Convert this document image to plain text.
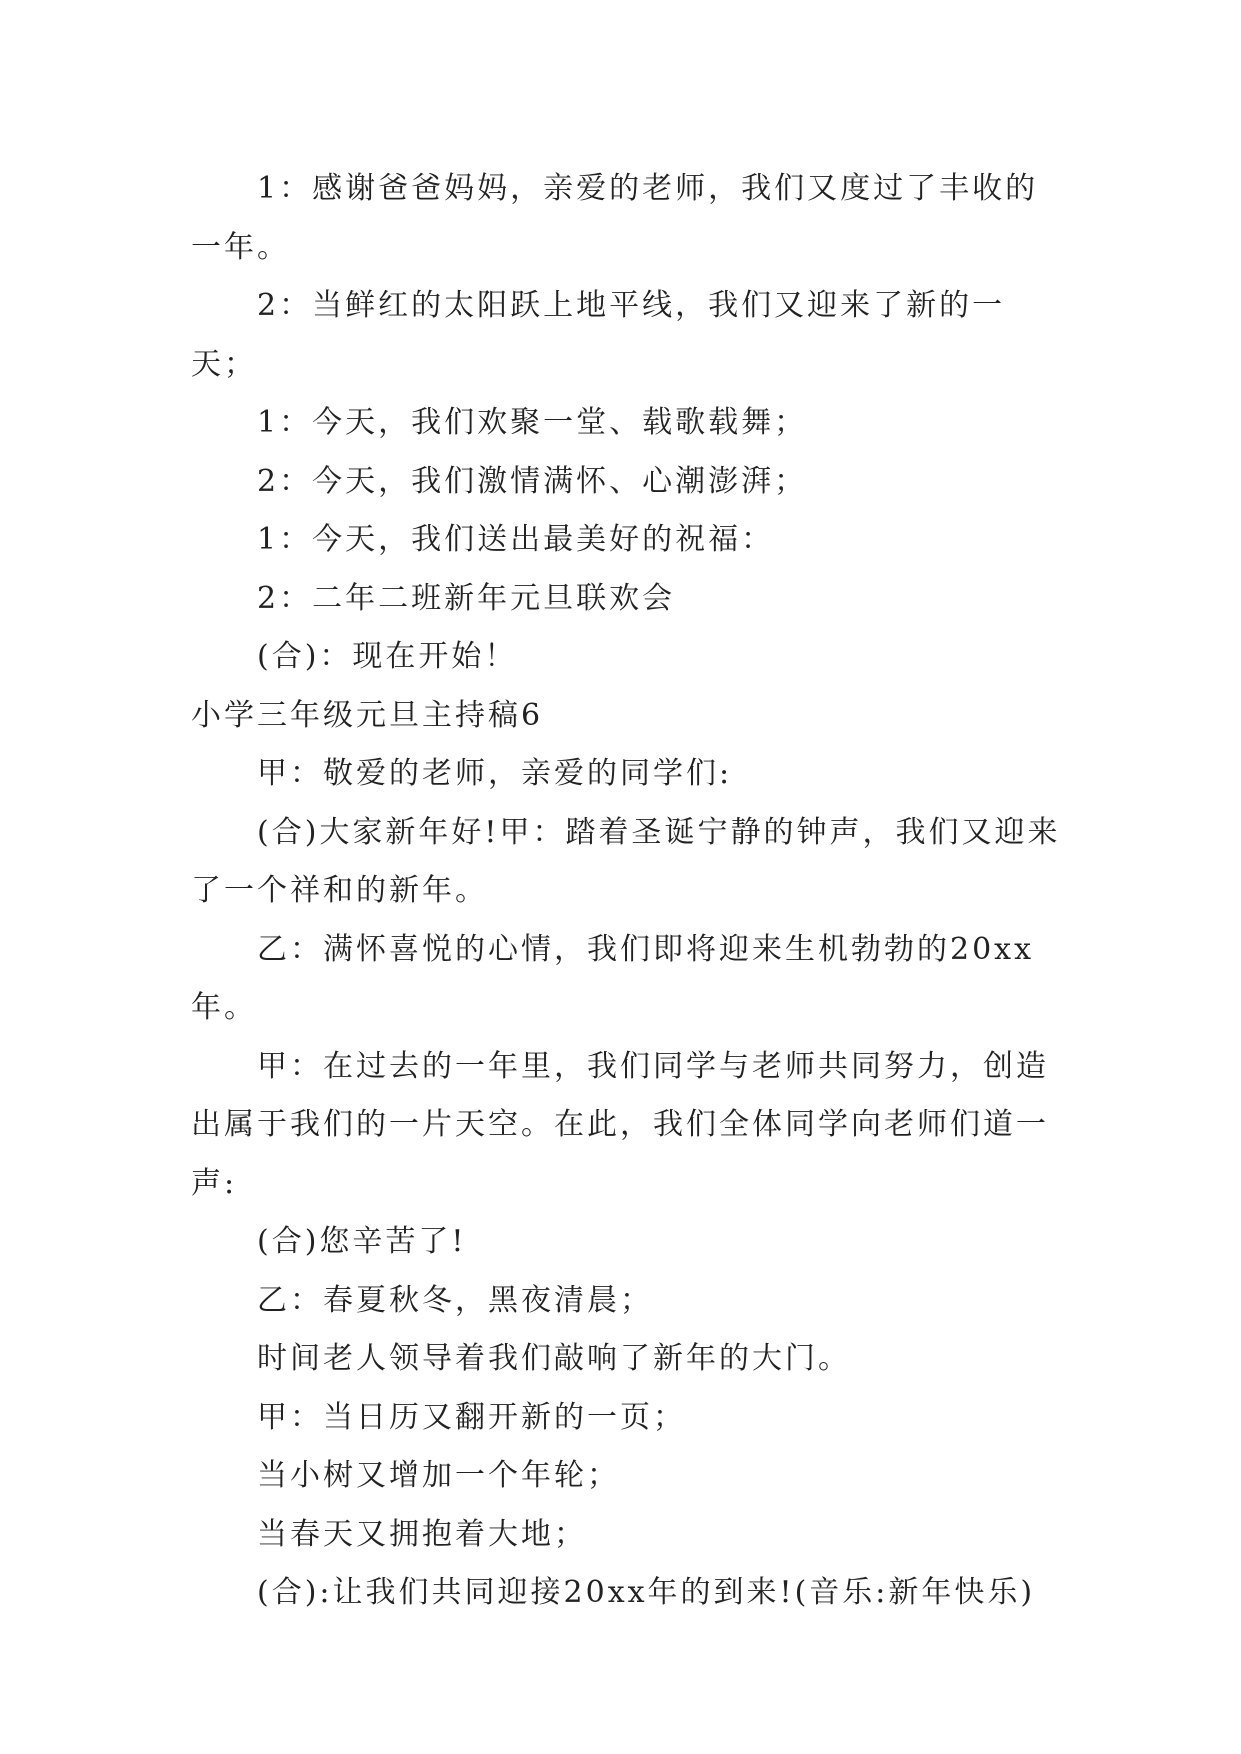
1：感谢爸爸妈妈，亲爱的老师，我们又度过了丰收的一年。

2：当鲜红的太阳跃上地平线，我们又迎来了新的一天；

1：今天，我们欢聚一堂、载歌载舞；

2：今天，我们激情满怀、心潮澎湃；

1：今天，我们送出最美好的祝福：

2：二年二班新年元旦联欢会

(合)：现在开始！

小学三年级元旦主持稿6

甲：敬爱的老师，亲爱的同学们:

(合)大家新年好!甲：踏着圣诞宁静的钟声，我们又迎来了一个祥和的新年。

乙：满怀喜悦的心情，我们即将迎来生机勃勃的20xx年。

甲：在过去的一年里，我们同学与老师共同努力，创造出属于我们的一片天空。在此，我们全体同学向老师们道一声:

(合)您辛苦了!

乙：春夏秋冬，黑夜清晨；

时间老人领导着我们敲响了新年的大门。

甲：当日历又翻开新的一页；

当小树又增加一个年轮；

当春天又拥抱着大地；

(合):让我们共同迎接20xx年的到来!(音乐:新年快乐)
